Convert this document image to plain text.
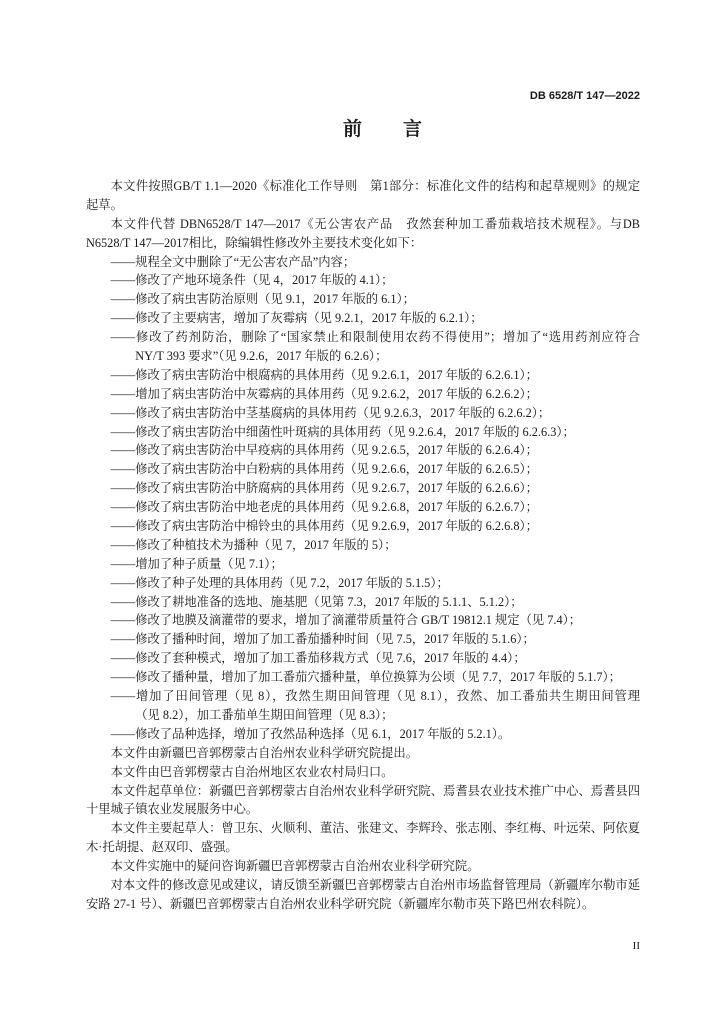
DB 6528/T 147—2022
前　言
本文件按照GB/T 1.1—2020《标准化工作导则　第1部分：标准化文件的结构和起草规则》的规定
起草。
本文件代替 DBN6528/T 147—2017《无公害农产品　孜然套种加工番茄栽培技术规程》。与DB
N6528/T 147—2017相比，除编辑性修改外主要技术变化如下：
——规程全文中删除了“无公害农产品”内容；
——修改了产地环境条件（见 4，2017 年版的 4.1）；
——修改了病虫害防治原则（见 9.1，2017 年版的 6.1）；
——修改了主要病害，增加了灰霉病（见 9.2.1，2017 年版的 6.2.1）；
——修改了药剂防治，删除了“国家禁止和限制使用农药不得使用”；增加了“选用药剂应符合
NY/T 393 要求”（见 9.2.6，2017 年版的 6.2.6）；
——修改了病虫害防治中根腐病的具体用药（见 9.2.6.1，2017 年版的 6.2.6.1）；
——增加了病虫害防治中灰霉病的具体用药（见 9.2.6.2，2017 年版的 6.2.6.2）；
——修改了病虫害防治中茎基腐病的具体用药（见 9.2.6.3，2017 年版的 6.2.6.2）；
——修改了病虫害防治中细菌性叶斑病的具体用药（见 9.2.6.4，2017 年版的 6.2.6.3）；
——修改了病虫害防治中早疫病的具体用药（见 9.2.6.5，2017 年版的 6.2.6.4）；
——修改了病虫害防治中白粉病的具体用药（见 9.2.6.6，2017 年版的 6.2.6.5）；
——修改了病虫害防治中脐腐病的具体用药（见 9.2.6.7，2017 年版的 6.2.6.6）；
——修改了病虫害防治中地老虎的具体用药（见 9.2.6.8，2017 年版的 6.2.6.7）；
——修改了病虫害防治中棉铃虫的具体用药（见 9.2.6.9，2017 年版的 6.2.6.8）；
——修改了种植技术为播种（见 7，2017 年版的 5）；
——增加了种子质量（见 7.1）；
——修改了种子处理的具体用药（见 7.2，2017 年版的 5.1.5）；
——修改了耕地准备的选地、施基肥（见第 7.3，2017 年版的 5.1.1、5.1.2）；
——修改了地膜及滴灌带的要求，增加了滴灌带质量符合 GB/T 19812.1 规定（见 7.4）；
——修改了播种时间，增加了加工番茄播种时间（见 7.5，2017 年版的 5.1.6）；
——修改了套种模式，增加了加工番茄移栽方式（见 7.6，2017 年版的 4.4）；
——修改了播种量，增加了加工番茄穴播种量，单位换算为公顷（见 7.7，2017 年版的 5.1.7）；
——增加了田间管理（见 8），孜然生期田间管理（见 8.1），孜然、加工番茄共生期田间管理
（见 8.2），加工番茄单生期田间管理（见 8.3）；
——修改了品种选择，增加了孜然品种选择（见 6.1，2017 年版的 5.2.1）。
本文件由新疆巴音郭楞蒙古自治州农业科学研究院提出。
本文件由巴音郭楞蒙古自治州地区农业农村局归口。
本文件起草单位：新疆巴音郭楞蒙古自治州农业科学研究院、焉耆县农业技术推广中心、焉耆县四
十里城子镇农业发展服务中心。
本文件主要起草人：曾卫东、火顺利、董洁、张建文、李辉玲、张志刚、李红梅、叶远荣、阿依夏
木·托胡提、赵双印、盛强。
本文件实施中的疑问咨询新疆巴音郭楞蒙古自治州农业科学研究院。
对本文件的修改意见或建议，请反馈至新疆巴音郭楞蒙古自治州市场监督管理局（新疆库尔勒市延
安路 27-1 号）、新疆巴音郭楞蒙古自治州农业科学研究院（新疆库尔勒市英下路巴州农科院）。
II
